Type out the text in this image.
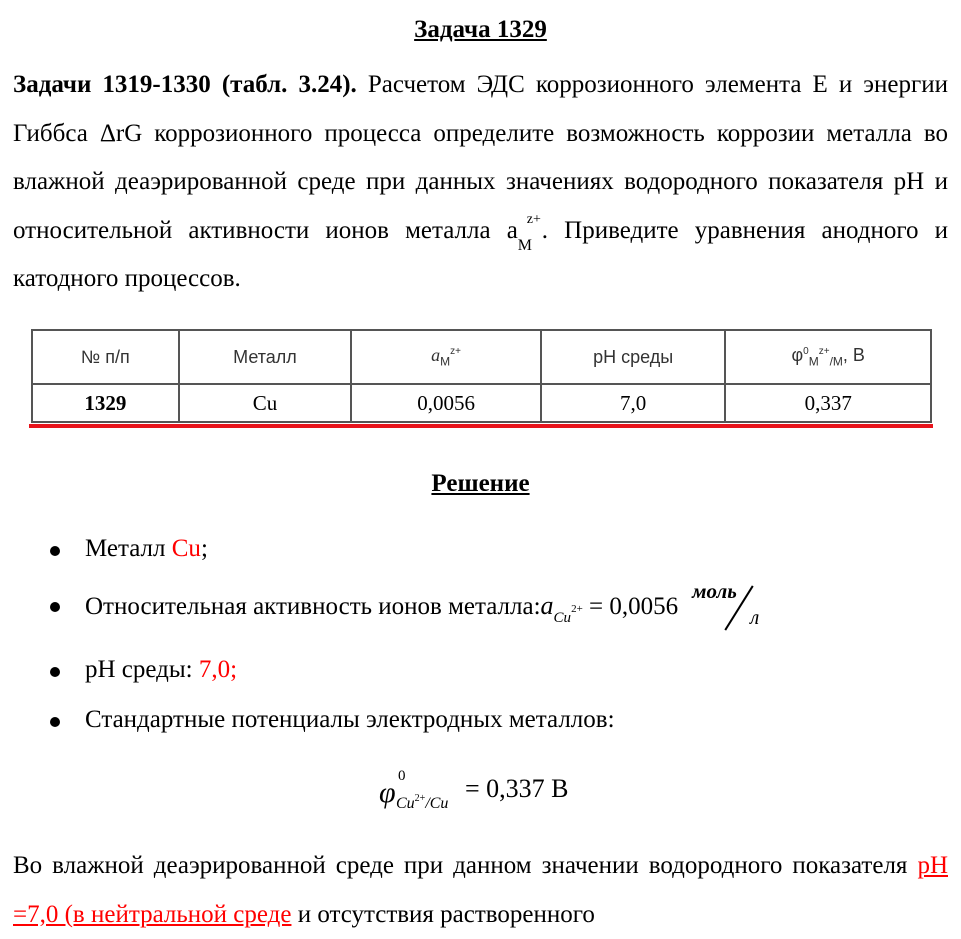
Задача 1329
Задачи 1319-1330 (табл. 3.24). Расчетом ЭДС коррозионного элемента Е и энергии Гиббса ΔrG коррозионного процесса определите возможность коррозии металла во влажной деаэрированной среде при данных значениях водородного показателя pH и относительной активности ионов металла a
M
z+ . Приведите уравнения анодного и катодного процессов.
№ п/п	Металл	$a_M^{z+}$	pH среды	$\varphi^0_M^{z+}_{/M}$, В
1329	Cu	0,0056	7,0	0,337
Решение
Металл Cu;
Относительная активность ионов $металла:a_{Cu}2+ = 0,0056$
моль
л
pH среды: 7,0;
Стандартные потенциалы электродных металлов:
φ 0
$Cu^{2+}/Cu$
= 0,337 В
Во влажной деаэрированной среде при данном значении водородного показателя pH =7,0 (в нейтральной среде и отсутствия растворенного
